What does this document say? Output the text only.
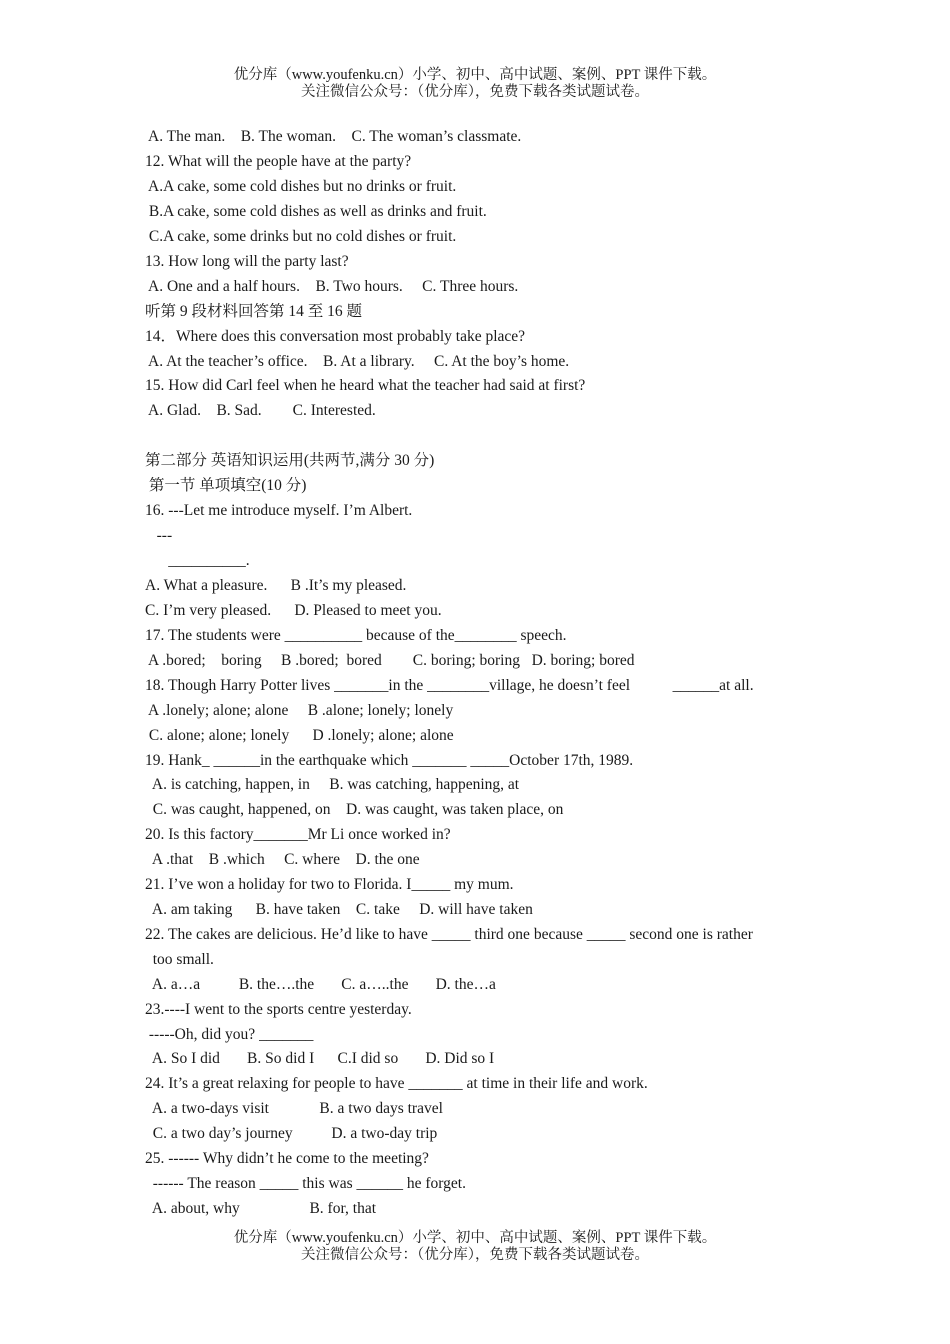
优分库（www.youfenku.cn）小学、初中、高中试题、案例、PPT 课件下载。
关注微信公众号：（优分库），免费下载各类试题试卷。
A. The man.    B. The woman.    C. The woman’s classmate.
12. What will the people have at the party?
A.A cake, some cold dishes but no drinks or fruit.
B.A cake, some cold dishes as well as drinks and fruit.
C.A cake, some drinks but no cold dishes or fruit.
13. How long will the party last?
A. One and a half hours.    B. Two hours.     C. Three hours.
听第 9 段材料回答第 14 至 16 题
14．Where does this conversation most probably take place?
A. At the teacher’s office.    B. At a library.     C. At the boy’s home.
15. How did Carl feel when he heard what the teacher had said at first?
A. Glad.    B. Sad.        C. Interested.
第二部分 英语知识运用(共两节,满分 30 分)
第一节 单项填空(10 分)
16. ---Let me introduce myself. I’m Albert.
---
__________.
A. What a pleasure.      B .It’s my pleased.
C. I’m very pleased.      D. Pleased to meet you.
17. The students were __________ because of the________ speech.
A .bored;    boring     B .bored;  bored        C. boring; boring   D. boring; bored
18. Though Harry Potter lives _______in the ________village, he doesn’t feel           ______at all.
A .lonely; alone; alone     B .alone; lonely; lonely
C. alone; alone; lonely      D .lonely; alone; alone
19. Hank_ ______in the earthquake which _______ _____October 17th, 1989.
A. is catching, happen, in     B. was catching, happening, at
C. was caught, happened, on    D. was caught, was taken place, on
20. Is this factory_______Mr Li once worked in?
A .that    B .which     C. where    D. the one
21. I’ve won a holiday for two to Florida. I_____ my mum.
A. am taking      B. have taken    C. take     D. will have taken
22. The cakes are delicious. He’d like to have _____ third one because _____ second one is rather
too small.
A. a…a          B. the….the       C. a…..the       D. the…a
23.----I went to the sports centre yesterday.
-----Oh, did you? _______
A. So I did       B. So did I      C.I did so       D. Did so I
24. It’s a great relaxing for people to have _______ at time in their life and work.
A. a two-days visit             B. a two days travel
C. a two day’s journey          D. a two-day trip
25. ------ Why didn’t he come to the meeting?
------ The reason _____ this was ______ he forget.
A. about, why                  B. for, that
优分库（www.youfenku.cn）小学、初中、高中试题、案例、PPT 课件下载。
关注微信公众号：（优分库），免费下载各类试题试卷。
